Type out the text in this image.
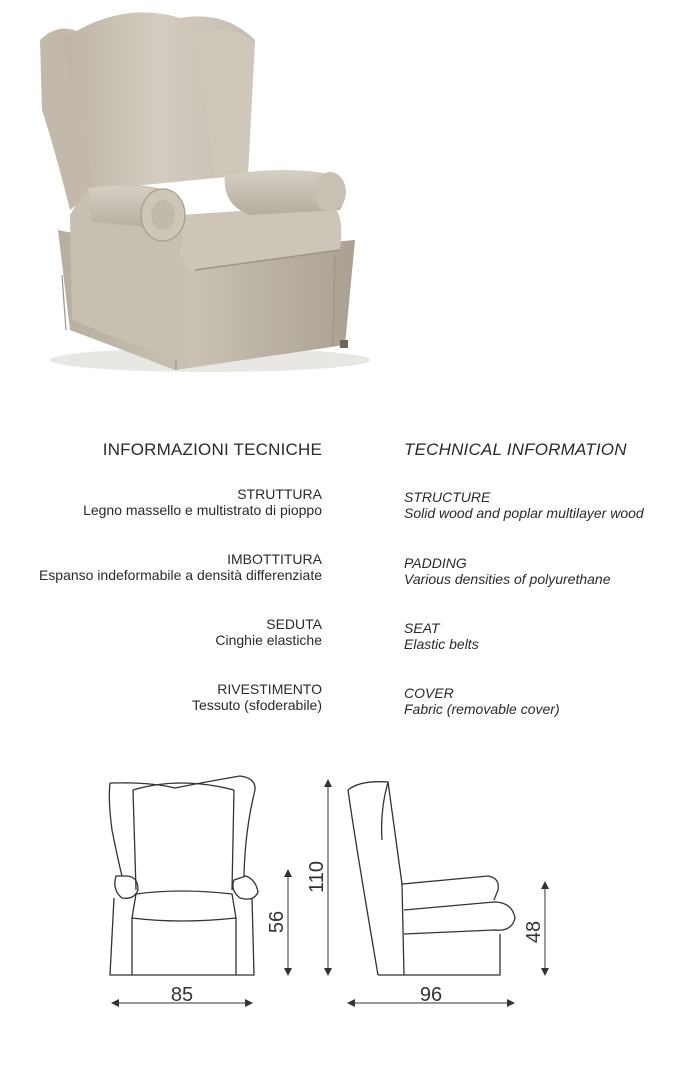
INFORMAZIONI TECNICHE
STRUTTURA
Legno massello e multistrato di pioppo
IMBOTTITURA
Espanso indeformabile a densità differenziate
SEDUTA
Cinghie elastiche
RIVESTIMENTO
Tessuto (sfoderabile)
TECHNICAL INFORMATION
STRUCTURE
Solid wood and poplar multilayer wood
PADDING
Various densities of polyurethane
SEAT
Elastic belts
COVER
Fabric (removable cover)
85	96
56
110
48
